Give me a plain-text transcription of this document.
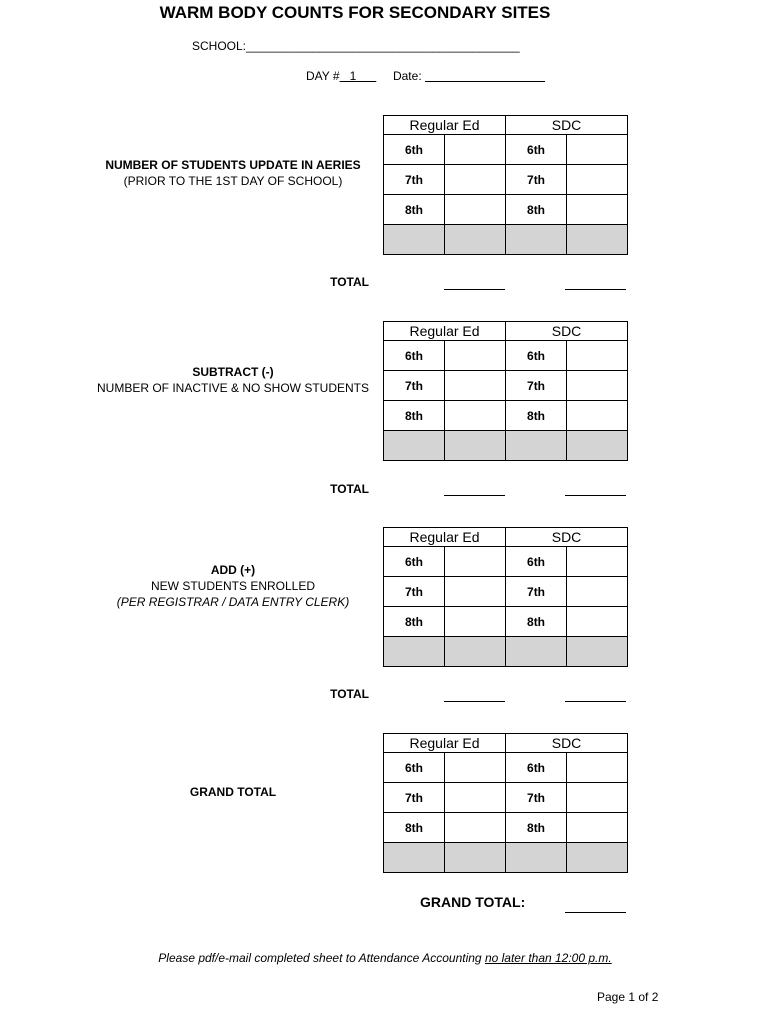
WARM BODY COUNTS FOR SECONDARY SITES
SCHOOL:_________________________________________
DAY # 1	Date:
NUMBER OF STUDENTS UPDATE IN AERIES
(PRIOR TO THE 1ST DAY OF SCHOOL)
Regular Ed		SDC	
6th		6th	
7th		7th	
8th		8th	

TOTAL
SUBTRACT (-)
NUMBER OF INACTIVE & NO SHOW STUDENTS
Regular Ed		SDC	
6th		6th	
7th		7th	
8th		8th	

TOTAL
ADD (+)
NEW STUDENTS ENROLLED
(PER REGISTRAR / DATA ENTRY CLERK)
Regular Ed		SDC	
6th		6th	
7th		7th	
8th		8th	

TOTAL
GRAND TOTAL
Regular Ed		SDC	
6th		6th	
7th		7th	
8th		8th	

GRAND TOTAL:
Please pdf/e-mail completed sheet to Attendance Accounting no later than 12:00 p.m.
Page 1 of 2
